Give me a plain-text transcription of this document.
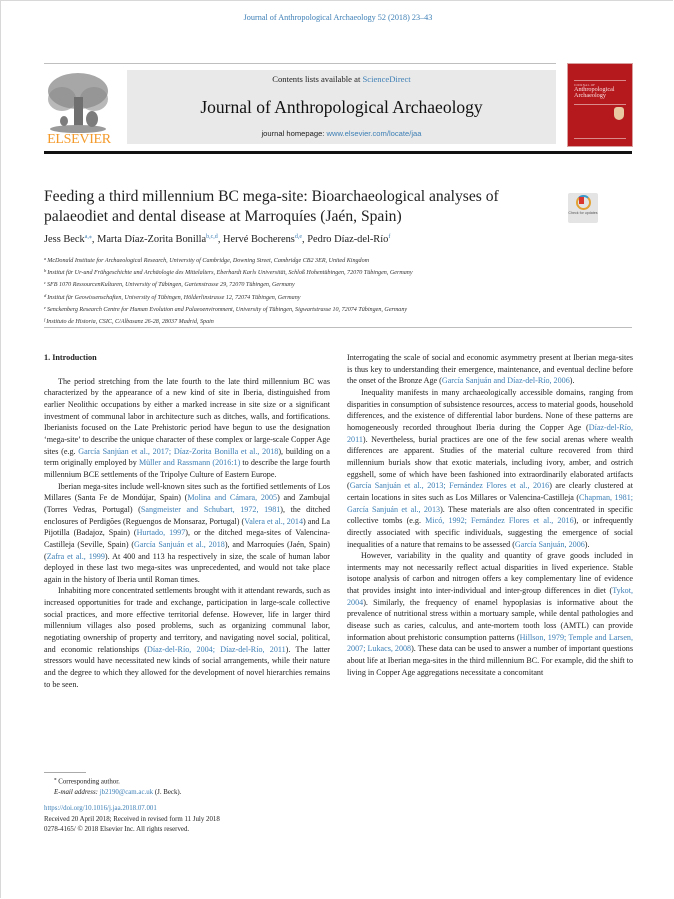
Journal of Anthropological Archaeology 52 (2018) 23–43
ELSEVIER
Contents lists available at ScienceDirect
Journal of Anthropological Archaeology
journal homepage: www.elsevier.com/locate/jaa
JOURNAL OF
Anthropological
Archaeology
Feeding a third millennium BC mega-site: Bioarchaeological analyses of palaeodiet and dental disease at Marroquíes (Jaén, Spain)	Check for updates
Jess Beck$^{a,⁎}$, Marta Díaz-Zorita Bonilla$^{b,c,d}$, Hervé Bocherens$^{d,e}$, Pedro Díaz-del-Río$^f$
$^a$McDonald Institute for Archaeological Research, University of Cambridge, Downing Street, Cambridge CB2 3ER, United Kingdom
$^b$Institut für Ur-und Frühgeschichte und Archäologie des Mittelalters, Eberhardt Karls Universität, Schloß Hohentübingen, 72070 Tübingen, Germany
$^c$SFB 1070 RessourcenKulturen, University of Tübingen, Gartenstrasse 29, 72070 Tübingen, Germany
$^d$Institut für Geowissenschaften, University of Tübingen, Hölderlinstrasse 12, 72074 Tübingen, Germany
$^e$Senckenberg Research Centre for Human Evolution and Palaeoenvironment, University of Tübingen, Sigwartstrasse 10, 72074 Tübingen, Germany
$^f$Instituto de Historia, CSIC, C/Albasanz 26-28, 28037 Madrid, Spain
1. Introduction

The period stretching from the late fourth to the late third millennium BC was characterized by the appearance of a new kind of site in Iberia, distinguished from earlier Neolithic occupations by either a marked increase in site size or a significant investment of communal labor in architecture such as ditches, walls, and fortifications. Iberianists focused on the Late Prehistoric period have begun to use the designation ‘mega-site’ to describe the unique character of these complex or large-scale Copper Age sites (e.g. García Sanjúan et al., 2017; Díaz-Zorita Bonilla et al., 2018), building on a term originally employed by Müller and Rassmann (2016:1) to describe the large fourth millennium BCE settlements of the Tripolye Culture of Eastern Europe.

Iberian mega-sites include well-known sites such as the fortified settlements of Los Millares (Santa Fe de Mondújar, Spain) (Molina and Cámara, 2005) and Zambujal (Torres Vedras, Portugal) (Sangmeister and Schubart, 1972, 1981), the ditched enclosures of Perdigões (Reguengos de Monsaraz, Portugal) (Valera et al., 2014) and La Pijotilla (Badajoz, Spain) (Hurtado, 1997), or the ditched mega-sites of Valencina-Castilleja (Seville, Spain) (García Sanjuán et al., 2018), and Marroquíes (Jaén, Spain) (Zafra et al., 1999). At 400 and 113 ha respectively in size, the scale of human labor deployed in these last two mega-sites was unprecedented, and would not take place again in the history of Iberia until Roman times.

Inhabiting more concentrated settlements brought with it attendant rewards, such as increased opportunities for trade and exchange, participation in large-scale collective social practices, and more effective territorial defense. However, life in larger third millennium villages also posed problems, such as organizing communal labor, negotiating ownership of property and territory, and navigating novel social, political, and economic relationships (Díaz-del-Río, 2004; Díaz-del-Río, 2011). The latter stressors would have necessitated new kinds of social arrangements, while their nature and the degree to which they allowed for the development of novel hierarchies remains to be seen.

Interrogating the scale of social and economic asymmetry present at Iberian mega-sites is thus key to understanding their emergence, maintenance, and eventual decline before the onset of the Bronze Age (García Sanjuán and Díaz-del-Río, 2006).

Inequality manifests in many archaeologically accessible domains, ranging from disparities in consumption of subsistence resources, access to material goods, household differences, and the existence of differential labor burdens. None of these patterns are homogeneously recorded throughout Iberia during the Copper Age (Díaz-del-Río, 2011). Nevertheless, burial practices are one of the few social arenas where wealth differences are apparent. Studies of the material culture recovered from third millennium burials show that exotic materials, including ivory, amber, and ostrich eggshell, some of which have been fashioned into extraordinarily elaborated artifacts (García Sanjuán et al., 2013; Fernández Flores et al., 2016) are clearly clustered at certain locations in sites such as Los Millares or Valencina-Castilleja (Chapman, 1981; García Sanjuán et al., 2013). These materials are also often concentrated in specific collective tombs (e.g. Micó, 1992; Fernández Flores et al., 2016), or infrequently directly associated with specific individuals, suggesting the emergence of social inequalities of a nature that remains to be assessed (García Sanjuán, 2006).

However, variability in the quality and quantity of grave goods included in interments may not necessarily reflect actual disparities in lived experience. Stable isotope analysis of carbon and nitrogen offers a key complementary line of evidence that provides insight into inter-individual and inter-group differences in diet (Tykot, 2004). Similarly, the frequency of enamel hypoplasias is informative about the prevalence of nutritional stress within a mortuary sample, while dental pathologies and disease such as caries, calculus, and ante-mortem tooth loss (AMTL) can provide information about prehistoric consumption patterns (Hillson, 1979; Temple and Larsen, 2007; Lukacs, 2008). These data can be used to answer a number of important questions about life at Iberian mega-sites in the third millennium BC. For example, did the shift to living in Copper Age aggregations necessitate a concomitant

⁎ Corresponding author.
E-mail address: jb2190@cam.ac.uk (J. Beck).
https://doi.org/10.1016/j.jaa.2018.07.001
Received 20 April 2018; Received in revised form 11 July 2018
0278-4165/ © 2018 Elsevier Inc. All rights reserved.
